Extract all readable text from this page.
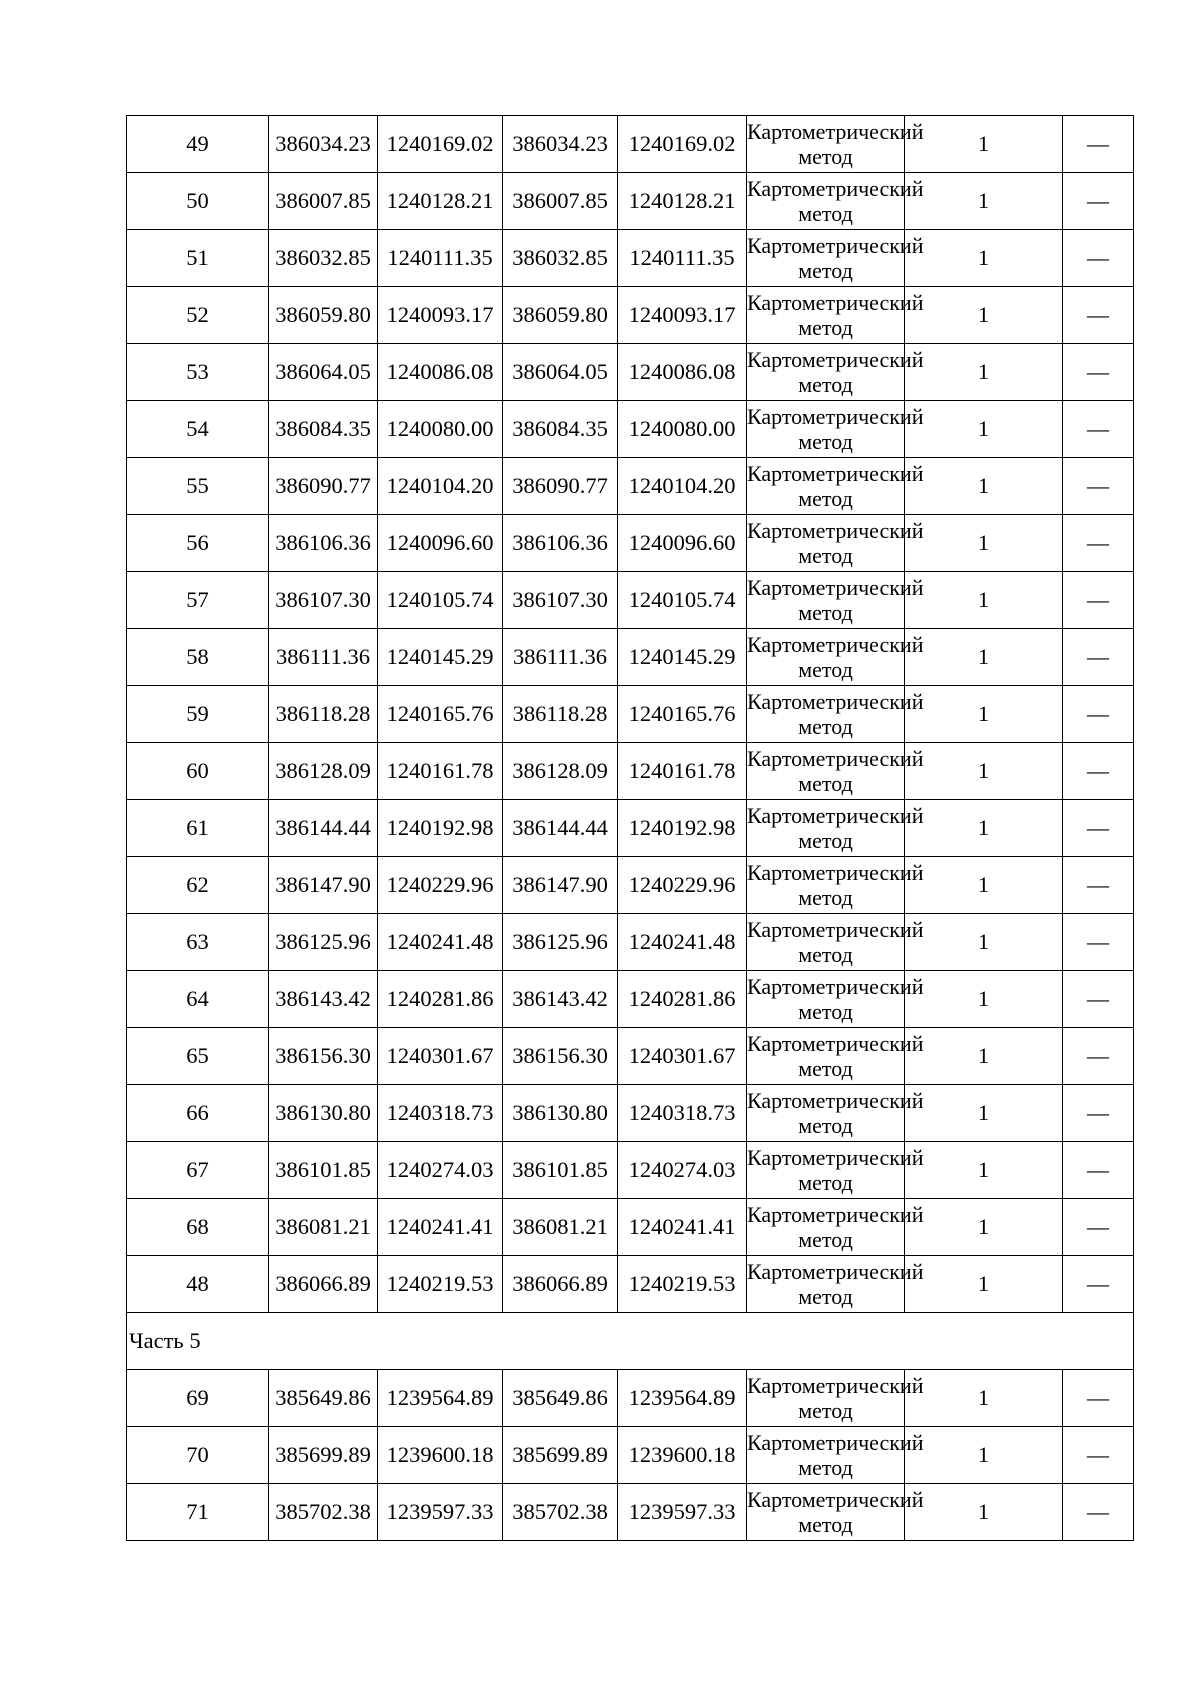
49	386034.23	1240169.02	386034.23	1240169.02	Картометрический метод	1	—
50	386007.85	1240128.21	386007.85	1240128.21	Картометрический метод	1	—
51	386032.85	1240111.35	386032.85	1240111.35	Картометрический метод	1	—
52	386059.80	1240093.17	386059.80	1240093.17	Картометрический метод	1	—
53	386064.05	1240086.08	386064.05	1240086.08	Картометрический метод	1	—
54	386084.35	1240080.00	386084.35	1240080.00	Картометрический метод	1	—
55	386090.77	1240104.20	386090.77	1240104.20	Картометрический метод	1	—
56	386106.36	1240096.60	386106.36	1240096.60	Картометрический метод	1	—
57	386107.30	1240105.74	386107.30	1240105.74	Картометрический метод	1	—
58	386111.36	1240145.29	386111.36	1240145.29	Картометрический метод	1	—
59	386118.28	1240165.76	386118.28	1240165.76	Картометрический метод	1	—
60	386128.09	1240161.78	386128.09	1240161.78	Картометрический метод	1	—
61	386144.44	1240192.98	386144.44	1240192.98	Картометрический метод	1	—
62	386147.90	1240229.96	386147.90	1240229.96	Картометрический метод	1	—
63	386125.96	1240241.48	386125.96	1240241.48	Картометрический метод	1	—
64	386143.42	1240281.86	386143.42	1240281.86	Картометрический метод	1	—
65	386156.30	1240301.67	386156.30	1240301.67	Картометрический метод	1	—
66	386130.80	1240318.73	386130.80	1240318.73	Картометрический метод	1	—
67	386101.85	1240274.03	386101.85	1240274.03	Картометрический метод	1	—
68	386081.21	1240241.41	386081.21	1240241.41	Картометрический метод	1	—
48	386066.89	1240219.53	386066.89	1240219.53	Картометрический метод	1	—
Часть 5							
69	385649.86	1239564.89	385649.86	1239564.89	Картометрический метод	1	—
70	385699.89	1239600.18	385699.89	1239600.18	Картометрический метод	1	—
71	385702.38	1239597.33	385702.38	1239597.33	Картометрический метод	1	—
